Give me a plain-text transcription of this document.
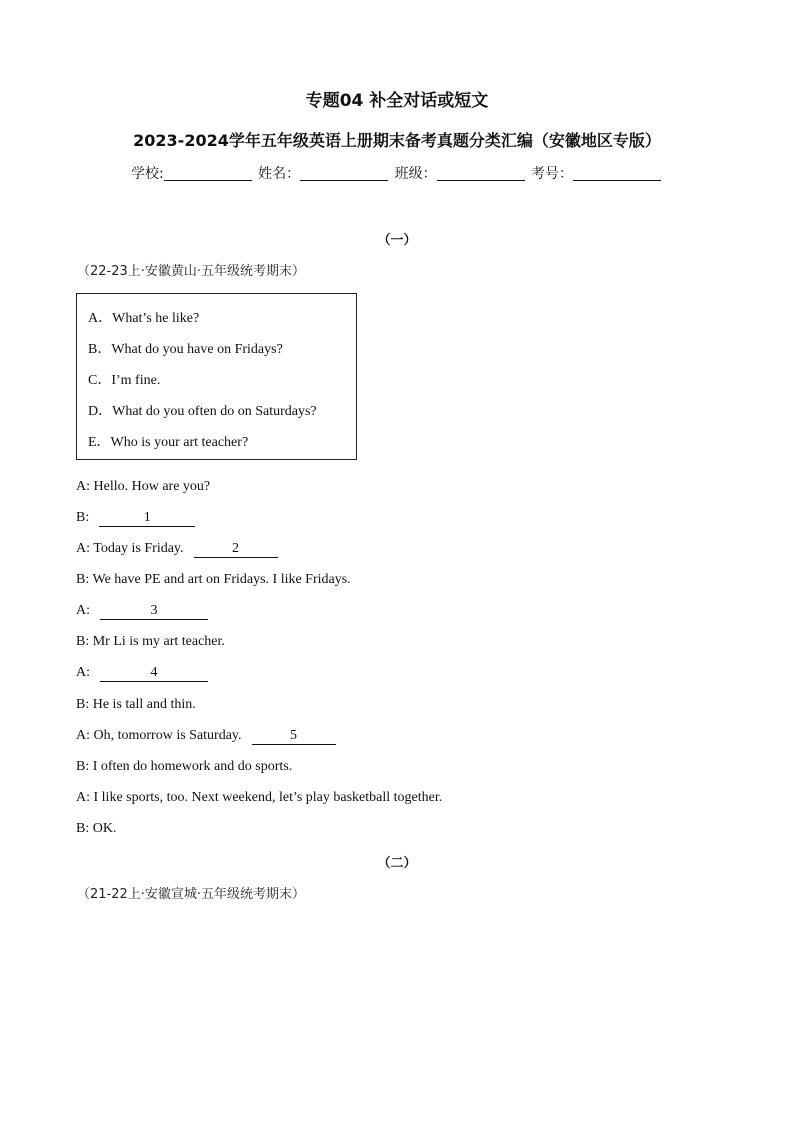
专题04 补全对话或短文
2023-2024学年五年级英语上册期末备考真题分类汇编（安徽地区专版）
学校:	姓名：	班级：	考号：
（一）
（22-23上·安徽黄山·五年级统考期末）
A．What’s he like?
B．What do you have on Fridays?
C．I’m fine.
D．What do you often do on Saturdays?
E．Who is your art teacher?
A: Hello. How are you?
B:	1
A: Today is Friday.	2
B: We have PE and art on Fridays. I like Fridays.
A:	3
B: Mr Li is my art teacher.
A:	4
B: He is tall and thin.
A: Oh, tomorrow is Saturday.	5
B: I often do homework and do sports.
A: I like sports, too. Next weekend, let’s play basketball together.
B: OK.
（二）
（21-22上·安徽宣城·五年级统考期末）
